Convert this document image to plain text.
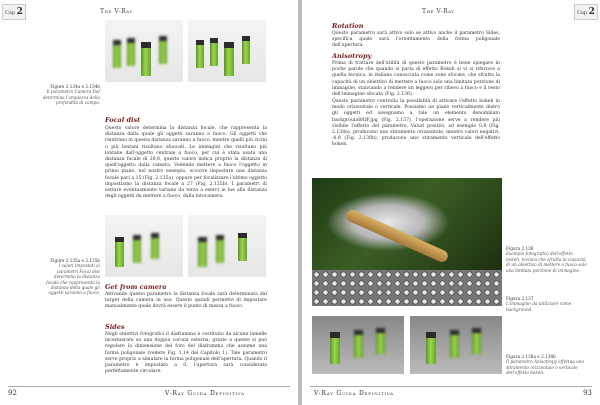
Cap 2	The V-Ray
Figure 2.134a e 2.134b
Il parametro Camera Dof determina l'ampiezza della profondità di campo.
Focal dist
Questo valore determina la distanza focale, che rappresenta la distanza dalla quale gli oggetti saranno a fuoco. Gli oggetti che rientrano in questa distanza saranno a fuoco, mentre quelli più vicini o più lontani risultano sfuocati. Le immagini che risultano più lontane dall'oggetto centrale a fuoco, per cui è stata usata una distanza focale di 20,8, questo valore indica proprio la distanza di quell'oggetto dalla camera. Vedendo mettere a fuoco l'oggetto in primo piano, nel nostro esempio, occorre impostare una distanza focale pari a 15 (Fig. 2.135a), oppure per focalizzare l'ultimo oggetto impostiamo la distanza focale a 27 (Fig. 2.135b). I parametri di settare eventuamente variano da terza a eserci ie lue alla distanza degli oggetti da mettere a fuoco, dalla fotocamera.
Figure 2.135a e 2.135b
I valori impostati ai parametri Focal dist determina la distanza focale che rappresenta la distanza della quale gli oggetti saranno a fuoco.
Get from camera
Attivando questo parametro la distanza focale sarà determinata dal target della camera in uso. Questo quindi permette di impostare manualmente quale dovrà essere il punto di messa a fuoco.
Sides
Negli obiettivi fotografici il diaframma è costituito da alcune lamelle incernierate su una doppia corona esterna; grazie a queste si può regolare la dimensione del foro del diaframma che assume una forma poligonale (vedere Fig. 1.14 del Capitolo 1). Tale parametro serve proprio a simulare la forma poligonale dell'apertura. Quando il parametro è impostato a 0, l'apertura sarà considerata perfettamente circolare.
92	V-Ray Guida Definitiva
Cap 2
The V-Ray
Rotation
Questo parametro sarà attivo solo se attivo anche il parametro Sides, specifica quale sarà l'orientamento della forma poligonale dell'apertura.
Anisotropy
Prima di trattare dell'utilità di questo parametro è bene spiegare in poche parole che quando si parla di effetto Bokeh si vi si riferisce a quella tecnica, in italiano conosciuta come zone sfocate, che sfrutta la capacità di un obiettivo di mettere a fuoco solo una limitata porzione di immagine, stancando a rendere un leggero per rilievo a fuoco e il resto dell'immagine sfocata (Fig. 2.136).
Questo parametro controlla la possibilità di attivare l'effetto bokeh in modo orizzontale o verticale. Possiamo un piano verticalmente dietro gli oggetti ed assegnamo a tale un elemento denominato background0OF.jpg (Fig. 2.137), l'operazione serve a rendere più visibile l'effetto del parametro. Valori positivi, ad esempio 0,8 (Fig. 2.138a), producono uno stiramento orizzontale, mentre valori negativi, -0,8 (Fig. 2.138b), producono uno stiramento verticale dell'effetto bokeh.
Figura 2.136
Esempio fotografico dell'effetto bokeh, tecnica che sfrutta la capacità di un obiettivo di mettere a fuoco solo una limitata porzione di immagine.
Figura 2.137
L'immagine da utilizzare come background.
Figura 2.138a e 2.138b
Il parametro Anisotropy effettua uno stiramento orizzontale o verticale dell'effetto bokeh.
V-Ray Guida Definitiva	93
